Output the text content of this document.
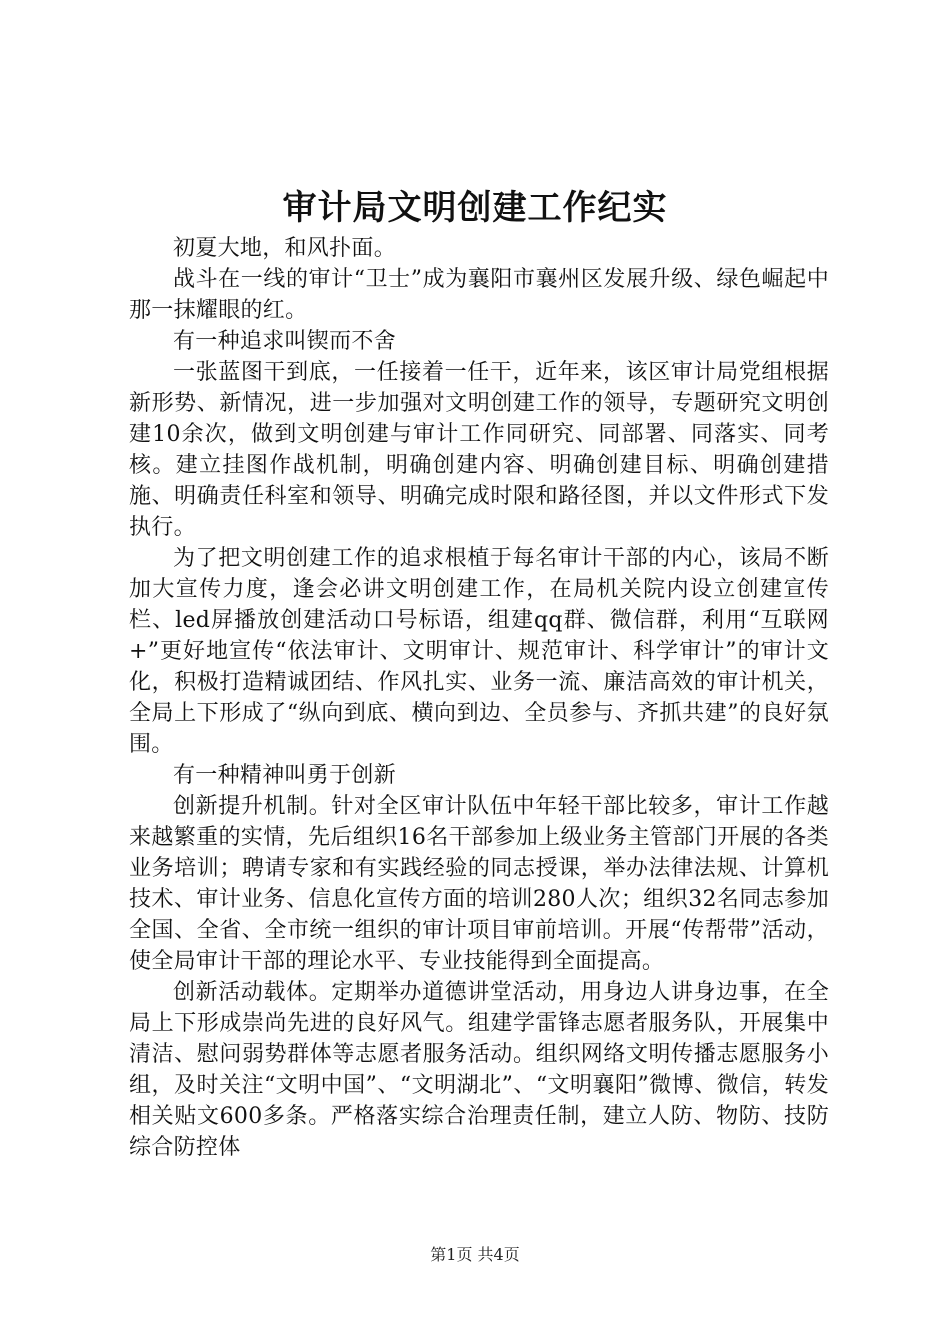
审计局文明创建工作纪实

初夏大地，和风扑面。

战斗在一线的审计“卫士”成为襄阳市襄州区发展升级、绿色崛起中那一抹耀眼的红。

有一种追求叫锲而不舍

一张蓝图干到底，一任接着一任干，近年来，该区审计局党组根据新形势、新情况，进一步加强对文明创建工作的领导，专题研究文明创建10余次，做到文明创建与审计工作同研究、同部署、同落实、同考核。建立挂图作战机制，明确创建内容、明确创建目标、明确创建措施、明确责任科室和领导、明确完成时限和路径图，并以文件形式下发执行。

为了把文明创建工作的追求根植于每名审计干部的内心，该局不断加大宣传力度，逢会必讲文明创建工作，在局机关院内设立创建宣传栏、led屏播放创建活动口号标语，组建qq群、微信群，利用“互联网+”更好地宣传“依法审计、文明审计、规范审计、科学审计”的审计文化，积极打造精诚团结、作风扎实、业务一流、廉洁高效的审计机关，全局上下形成了“纵向到底、横向到边、全员参与、齐抓共建”的良好氛围。

有一种精神叫勇于创新

创新提升机制。针对全区审计队伍中年轻干部比较多，审计工作越来越繁重的实情，先后组织16名干部参加上级业务主管部门开展的各类业务培训；聘请专家和有实践经验的同志授课，举办法律法规、计算机技术、审计业务、信息化宣传方面的培训280人次；组织32名同志参加全国、全省、全市统一组织的审计项目审前培训。开展“传帮带”活动，使全局审计干部的理论水平、专业技能得到全面提高。

创新活动载体。定期举办道德讲堂活动，用身边人讲身边事，在全局上下形成崇尚先进的良好风气。组建学雷锋志愿者服务队，开展集中清洁、慰问弱势群体等志愿者服务活动。组织网络文明传播志愿服务小组，及时关注“文明中国”、“文明湖北”、“文明襄阳”微博、微信，转发相关贴文600多条。严格落实综合治理责任制，建立人防、物防、技防综合防控体

第1页 共4页
